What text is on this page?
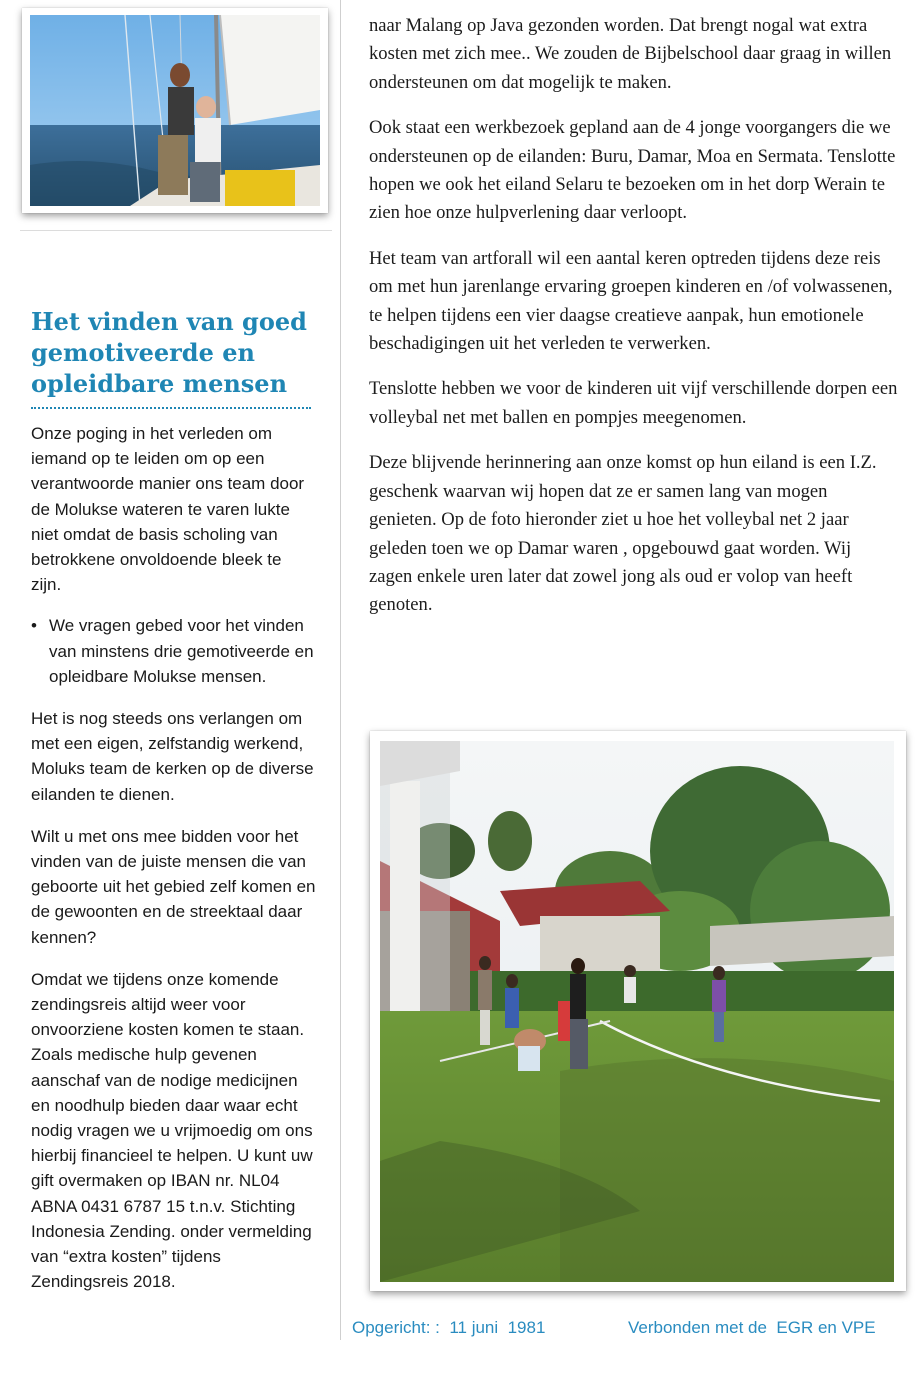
Het vinden van goed gemotiveerde en opleidbare mensen

Onze poging in het verleden om iemand op te leiden om op een verantwoorde manier ons team door de Molukse wateren te varen lukte niet omdat de basis scholing van betrokkene onvoldoende bleek te zijn.

• We vragen gebed voor het vinden van minstens drie gemotiveerde en opleidbare Molukse mensen.

Het is nog steeds ons verlangen om met een eigen, zelfstandig werkend, Moluks team de kerken op de diverse eilanden te dienen.

Wilt u met ons mee bidden voor het vinden van de juiste mensen die van geboorte uit het gebied zelf komen en de gewoonten en de streektaal daar kennen?

Omdat we tijdens onze komende zendingsreis altijd weer voor onvoorziene kosten komen te staan. Zoals medische hulp gevenen aanschaf van de nodige medicijnen en noodhulp bieden daar waar echt nodig vragen we u vrijmoedig om ons hierbij financieel te helpen. U kunt uw gift overmaken op IBAN nr. NL04 ABNA 0431 6787 15 t.n.v. Stichting Indonesia Zending. onder vermelding van “extra kosten” tijdens Zendingsreis 2018.

naar Malang op Java gezonden worden. Dat brengt nogal wat extra kosten met zich mee.. We zouden de Bijbelschool daar graag in willen ondersteunen om dat mogelijk te maken.

Ook staat een werkbezoek gepland aan de 4 jonge voorgangers die we ondersteunen op de eilanden: Buru, Damar, Moa en Sermata. Tenslotte hopen we ook het eiland Selaru te bezoeken om in het dorp Werain te zien hoe onze hulpverlening daar verloopt.

Het team van artforall wil een aantal keren optreden tijdens deze reis om met hun jarenlange ervaring groepen kinderen en /of volwassenen, te helpen tijdens een vier daagse creatieve aanpak, hun emotionele beschadigingen uit het verleden te verwerken.

Tenslotte hebben we voor de kinderen uit vijf verschillende dorpen een volleybal net met ballen en pompjes meegenomen.

Deze blijvende herinnering aan onze komst op hun eiland is een I.Z. geschenk waarvan wij hopen dat ze er samen lang van mogen genieten. Op de foto hieronder ziet u hoe het volleybal net 2 jaar geleden toen we op Damar waren , opgebouwd gaat worden. Wij zagen enkele uren later dat zowel jong als oud er volop van heeft genoten.

Opgericht: :  11 juni  1981	Verbonden met de  EGR en VPE
